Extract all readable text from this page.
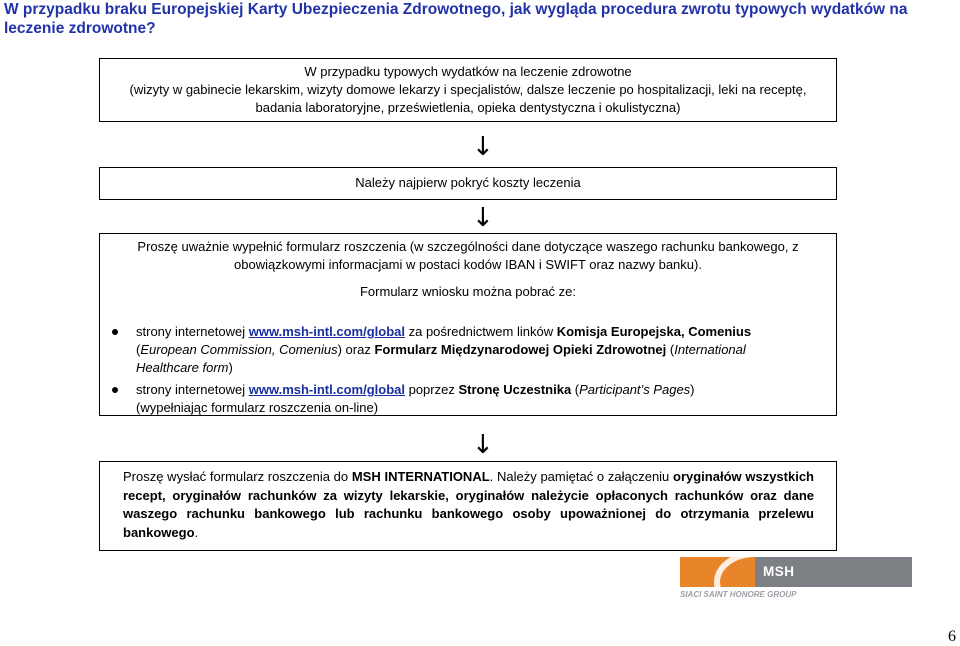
W przypadku braku Europejskiej Karty Ubezpieczenia Zdrowotnego, jak wygląda procedura zwrotu typowych wydatków na leczenie zdrowotne?
W przypadku typowych wydatków na leczenie zdrowotne
(wizyty w gabinecie lekarskim, wizyty domowe lekarzy i specjalistów, dalsze leczenie po hospitalizacji, leki na receptę,
badania laboratoryjne, prześwietlenia, opieka dentystyczna i okulistyczna)
↓
Należy najpierw pokryć koszty leczenia
↓
Proszę uważnie wypełnić formularz roszczenia (w szczególności dane dotyczące waszego rachunku bankowego, z
obowiązkowymi informacjami w postaci kodów IBAN i SWIFT oraz nazwy banku).
Formularz wniosku można pobrać ze:
strony internetowej www.msh-intl.com/global za pośrednictwem linków Komisja Europejska, Comenius
(European Commission, Comenius) oraz Formularz Międzynarodowej Opieki Zdrowotnej (International
Healthcare form)
strony internetowej www.msh-intl.com/global poprzez Stronę Uczestnika (Participant’s Pages)
(wypełniając formularz roszczenia on-line)
↓
Proszę wysłać formularz roszczenia do MSH INTERNATIONAL. Należy pamiętać o załączeniu oryginałów wszystkich recept, oryginałów rachunków za wizyty lekarskie, oryginałów należycie opłaconych rachunków oraz dane waszego rachunku bankowego lub rachunku bankowego osoby upoważnionej do otrzymania przelewu bankowego.
MSH INTERNATIONAL
SIACI SAINT HONORE GROUP
6
